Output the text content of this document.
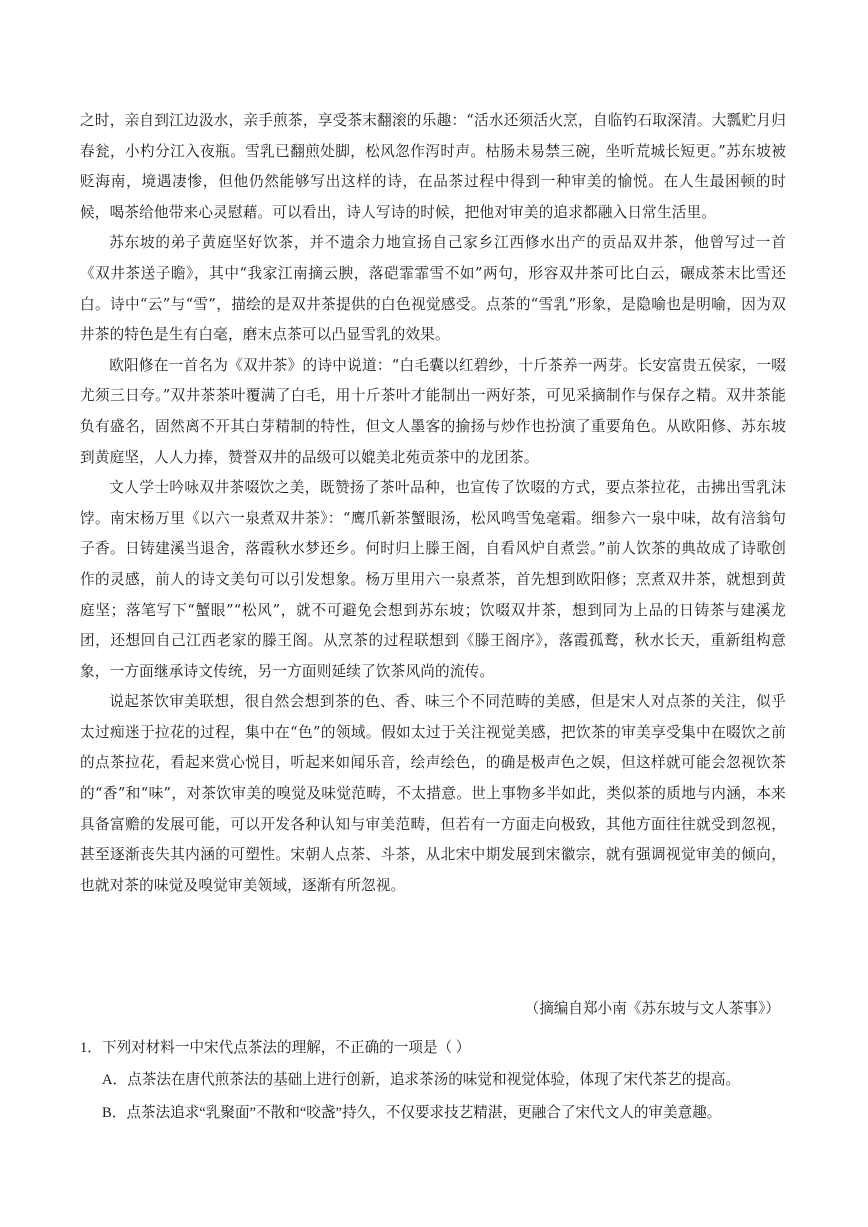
之时，亲自到江边汲水，亲手煎茶，享受茶末翻滚的乐趣：“活水还须活火烹，自临钓石取深清。大瓢贮月归春瓮，小杓分江入夜瓶。雪乳已翻煎处脚，松风忽作泻时声。枯肠未易禁三碗，坐听荒城长短更。”苏东坡被贬海南，境遇凄惨，但他仍然能够写出这样的诗，在品茶过程中得到一种审美的愉悦。在人生最困顿的时候，喝茶给他带来心灵慰藉。可以看出，诗人写诗的时候，把他对审美的追求都融入日常生活里。

苏东坡的弟子黄庭坚好饮茶，并不遗余力地宣扬自己家乡江西修水出产的贡品双井茶，他曾写过一首《双井茶送子瞻》，其中“我家江南摘云腴，落硙霏霏雪不如”两句，形容双井茶可比白云，碾成茶末比雪还白。诗中“云”与“雪”，描绘的是双井茶提供的白色视觉感受。点茶的“雪乳”形象，是隐喻也是明喻，因为双井茶的特色是生有白毫，磨末点茶可以凸显雪乳的效果。

欧阳修在一首名为《双井茶》的诗中说道：“白毛囊以红碧纱，十斤茶养一两芽。长安富贵五侯家，一啜尤须三日夸。”双井茶茶叶覆满了白毛，用十斤茶叶才能制出一两好茶，可见采摘制作与保存之精。双井茶能负有盛名，固然离不开其白芽精制的特性，但文人墨客的揄扬与炒作也扮演了重要角色。从欧阳修、苏东坡到黄庭坚，人人力捧，赞誉双井的品级可以媲美北苑贡茶中的龙团茶。

文人学士吟咏双井茶啜饮之美，既赞扬了茶叶品种，也宣传了饮啜的方式，要点茶拉花，击拂出雪乳沫饽。南宋杨万里《以六一泉煮双井茶》：“鹰爪新茶蟹眼汤，松风鸣雪兔毫霜。细参六一泉中味，故有涪翁句子香。日铸建溪当退舍，落霞秋水梦还乡。何时归上滕王阁，自看风炉自煮尝。”前人饮茶的典故成了诗歌创作的灵感，前人的诗文美句可以引发想象。杨万里用六一泉煮茶，首先想到欧阳修；烹煮双井茶，就想到黄庭坚；落笔写下“蟹眼”“松风”，就不可避免会想到苏东坡；饮啜双井茶，想到同为上品的日铸茶与建溪龙团，还想回自己江西老家的滕王阁。从烹茶的过程联想到《滕王阁序》，落霞孤鹜，秋水长天，重新组构意象，一方面继承诗文传统，另一方面则延续了饮茶风尚的流传。

说起茶饮审美联想，很自然会想到茶的色、香、味三个不同范畴的美感，但是宋人对点茶的关注，似乎太过痴迷于拉花的过程，集中在“色”的领域。假如太过于关注视觉美感，把饮茶的审美享受集中在啜饮之前的点茶拉花，看起来赏心悦目，听起来如闻乐音，绘声绘色，的确是极声色之娱，但这样就可能会忽视饮茶的“香”和“味”，对茶饮审美的嗅觉及味觉范畴，不太措意。世上事物多半如此，类似茶的质地与内涵，本来具备富赡的发展可能，可以开发各种认知与审美范畴，但若有一方面走向极致，其他方面往往就受到忽视，甚至逐渐丧失其内涵的可塑性。宋朝人点茶、斗茶，从北宋中期发展到宋徽宗，就有强调视觉审美的倾向，也就对茶的味觉及嗅觉审美领域，逐渐有所忽视。

（摘编自郑小南《苏东坡与文人茶事》）
1．下列对材料一中宋代点茶法的理解，不正确的一项是（ ）
A．点茶法在唐代煎茶法的基础上进行创新，追求茶汤的味觉和视觉体验，体现了宋代茶艺的提高。
B．点茶法追求“乳聚面”不散和“咬盏”持久，不仅要求技艺精湛，更融合了宋代文人的审美意趣。
